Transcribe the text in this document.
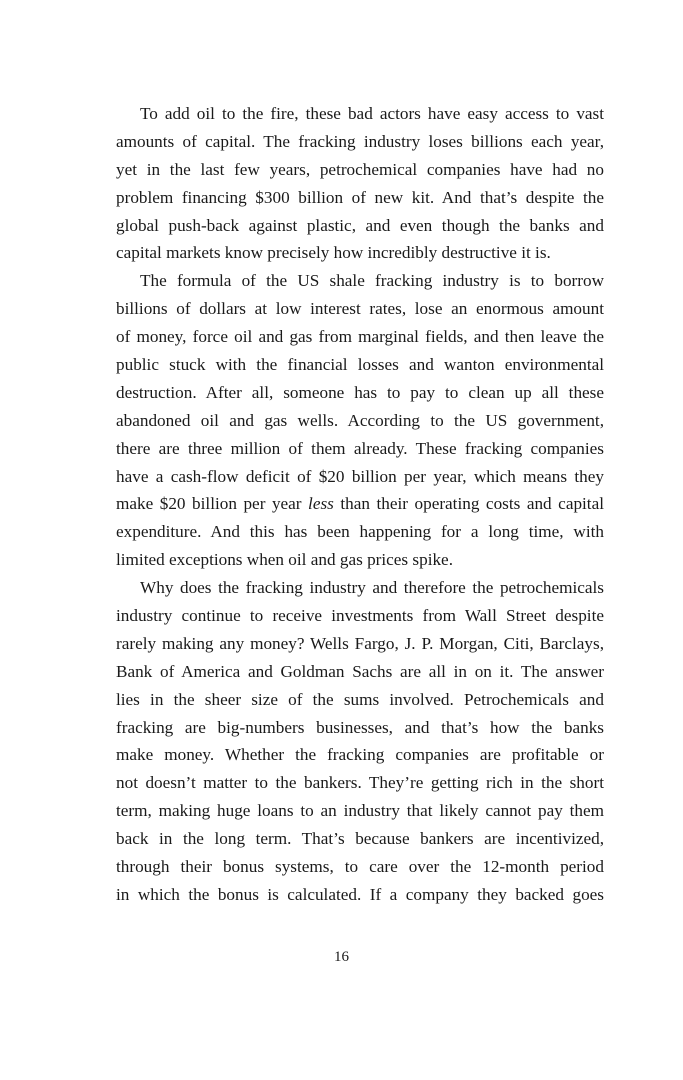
To add oil to the fire, these bad actors have easy access to vast
amounts of capital. The fracking industry loses billions each year,
yet in the last few years, petrochemical companies have had no
problem financing $300 billion of new kit. And that’s despite the
global push-back against plastic, and even though the banks and
capital markets know precisely how incredibly destructive it is.
The formula of the US shale fracking industry is to borrow
billions of dollars at low interest rates, lose an enormous amount
of money, force oil and gas from marginal fields, and then leave the
public stuck with the financial losses and wanton environmental
destruction. After all, someone has to pay to clean up all these
abandoned oil and gas wells. According to the US government,
there are three million of them already. These fracking companies
have a cash-flow deficit of $20 billion per year, which means they
make $20 billion per year less than their operating costs and capital
expenditure. And this has been happening for a long time, with
limited exceptions when oil and gas prices spike.
Why does the fracking industry and therefore the petrochemicals
industry continue to receive investments from Wall Street despite
rarely making any money? Wells Fargo, J. P. Morgan, Citi, Barclays,
Bank of America and Goldman Sachs are all in on it. The answer
lies in the sheer size of the sums involved. Petrochemicals and
fracking are big-numbers businesses, and that’s how the banks
make money. Whether the fracking companies are profitable or
not doesn’t matter to the bankers. They’re getting rich in the short
term, making huge loans to an industry that likely cannot pay them
back in the long term. That’s because bankers are incentivized,
through their bonus systems, to care over the 12-month period
in which the bonus is calculated. If a company they backed goes
16
